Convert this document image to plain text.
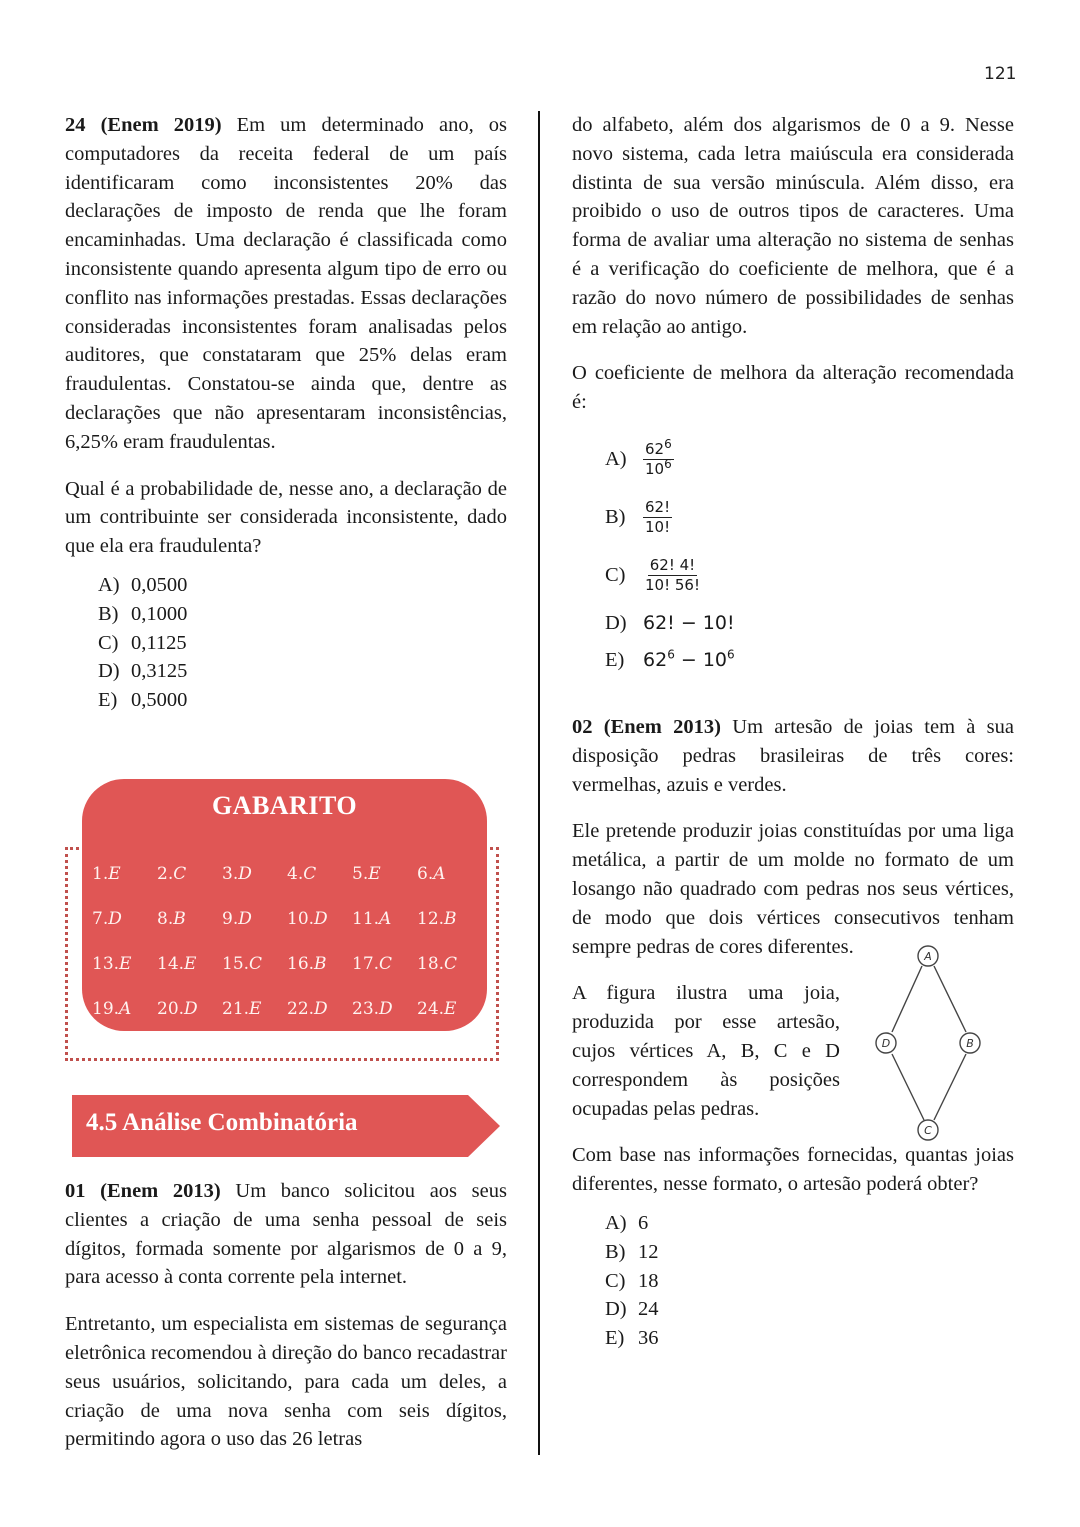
121

24 (Enem 2019) Em um determinado ano, os computadores da receita federal de um país identificaram como inconsistentes 20% das declarações de imposto de renda que lhe foram encaminhadas. Uma declaração é classificada como inconsistente quando apresenta algum tipo de erro ou conflito nas informações prestadas. Essas declarações consideradas inconsistentes foram analisadas pelos auditores, que constataram que 25% delas eram fraudulentas. Constatou-se ainda que, dentre as declarações que não apresentaram inconsistências, 6,25% eram fraudulentas.

Qual é a probabilidade de, nesse ano, a declaração de um contribuinte ser considerada inconsistente, dado que ela era fraudulenta?

A) 0,0500
B) 0,1000
C) 0,1125
D) 0,3125
E) 0,5000
GABARITO
1.E	2.C	3.D	4.C	5.E	6.A
7.D	8.B	9.D	10.D	11.A	12.B
13.E	14.E	15.C	16.B	17.C	18.C
19.A	20.D	21.E	22.D	23.D	24.E
4.5 Análise Combinatória

01 (Enem 2013) Um banco solicitou aos seus clientes a criação de uma senha pessoal de seis dígitos, formada somente por algarismos de 0 a 9, para acesso à conta corrente pela internet.

Entretanto, um especialista em sistemas de segurança eletrônica recomendou à direção do banco recadastrar seus usuários, solicitando, para cada um deles, a criação de uma nova senha com seis dígitos, permitindo agora o uso das 26 letras

do alfabeto, além dos algarismos de 0 a 9. Nesse novo sistema, cada letra maiúscula era considerada distinta de sua versão minúscula. Além disso, era proibido o uso de outros tipos de caracteres. Uma forma de avaliar uma alteração no sistema de senhas é a verificação do coeficiente de melhora, que é a razão do novo número de possibilidades de senhas em relação ao antigo.

O coeficiente de melhora da alteração recomendada é:

A)	$\frac{62^6}{10^6}$
B)	$\frac{62!}{10!}$
C)	$\frac{62! 4!}{10! 56!}$
D) 62! − 10!
E) $62^6 - 10^6$

02 (Enem 2013) Um artesão de joias tem à sua disposição pedras brasileiras de três cores: vermelhas, azuis e verdes.

Ele pretende produzir joias constituídas por uma liga metálica, a partir de um molde no formato de um losango não quadrado com pedras nos seus vértices, de modo que dois vértices consecutivos tenham sempre pedras de cores diferentes.

A figura ilustra uma joia, produzida por esse artesão, cujos vértices A, B, C e D correspondem às posições ocupadas pelas pedras.

Com base nas informações fornecidas, quantas joias diferentes, nesse formato, o artesão poderá obter?

A) 6
B) 12
C) 18
D) 24
E) 36
A
B
C
D
